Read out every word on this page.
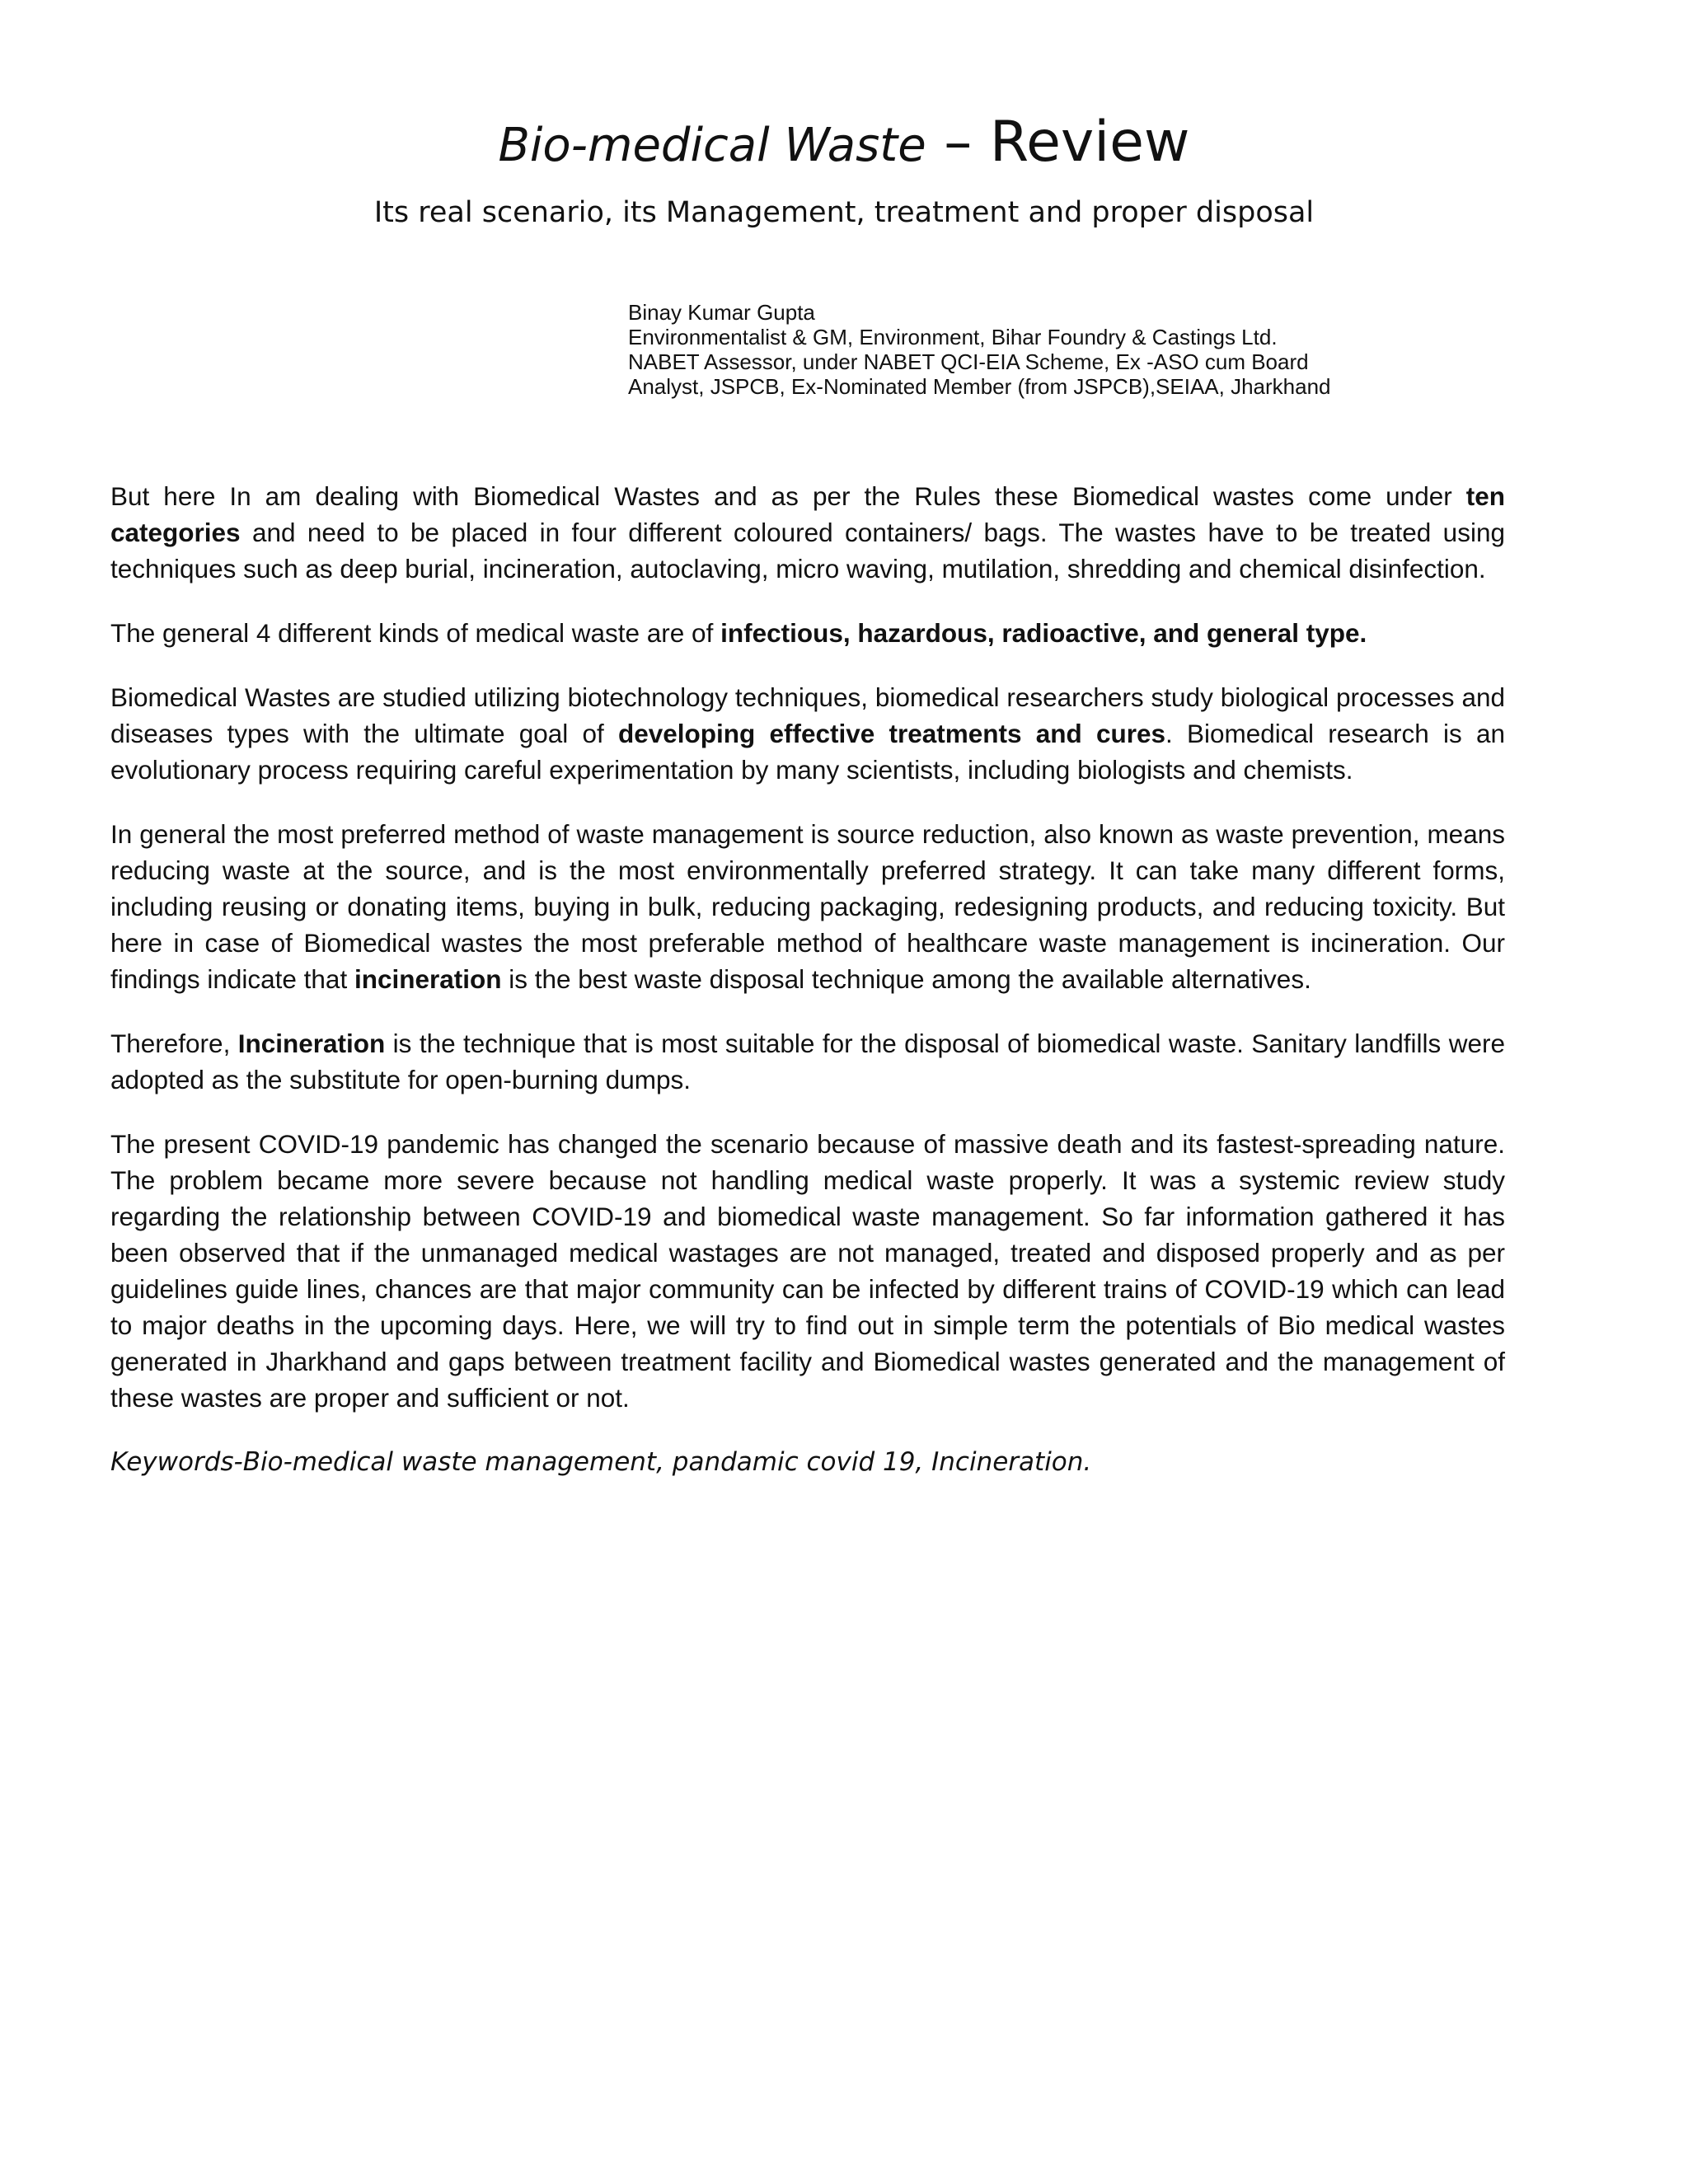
Bio-medical Waste – Review
Its real scenario, its Management, treatment and proper disposal
Binay Kumar Gupta
Environmentalist & GM, Environment, Bihar Foundry & Castings Ltd.
NABET Assessor, under NABET QCI-EIA Scheme, Ex -ASO cum Board
Analyst, JSPCB, Ex-Nominated Member (from JSPCB),SEIAA, Jharkhand

But here In am dealing with Biomedical Wastes and as per the Rules these Biomedical wastes come under ten categories and need to be placed in four different coloured containers/ bags. The wastes have to be treated using techniques such as deep burial, incineration, autoclaving, micro waving, mutilation, shredding and chemical disinfection.

The general 4 different kinds of medical waste are of infectious, hazardous, radioactive, and general type.

Biomedical Wastes are studied utilizing biotechnology techniques, biomedical researchers study biological processes and diseases types with the ultimate goal of developing effective treatments and cures. Biomedical research is an evolutionary process requiring careful experimentation by many scientists, including biologists and chemists.

In general the most preferred method of waste management is source reduction, also known as waste prevention, means reducing waste at the source, and is the most environmentally preferred strategy. It can take many different forms, including reusing or donating items, buying in bulk, reducing packaging, redesigning products, and reducing toxicity. But here in case of Biomedical wastes the most preferable method of healthcare waste management is incineration. Our findings indicate that incineration is the best waste disposal technique among the available alternatives.

Therefore, Incineration is the technique that is most suitable for the disposal of biomedical waste. Sanitary landfills were adopted as the substitute for open-burning dumps.

The present COVID-19 pandemic has changed the scenario because of massive death and its fastest-spreading nature. The problem became more severe because not handling medical waste properly. It was a systemic review study regarding the relationship between COVID-19 and biomedical waste management. So far information gathered it has been observed that if the unmanaged medical wastages are not managed, treated and disposed properly and as per guidelines guide lines, chances are that major community can be infected by different trains of COVID-19 which can lead to major deaths in the upcoming days. Here, we will try to find out in simple term the potentials of Bio medical wastes generated in Jharkhand and gaps between treatment facility and Biomedical wastes generated and the management of these wastes are proper and sufficient or not.

Keywords-Bio-medical waste management, pandamic covid 19, Incineration.
